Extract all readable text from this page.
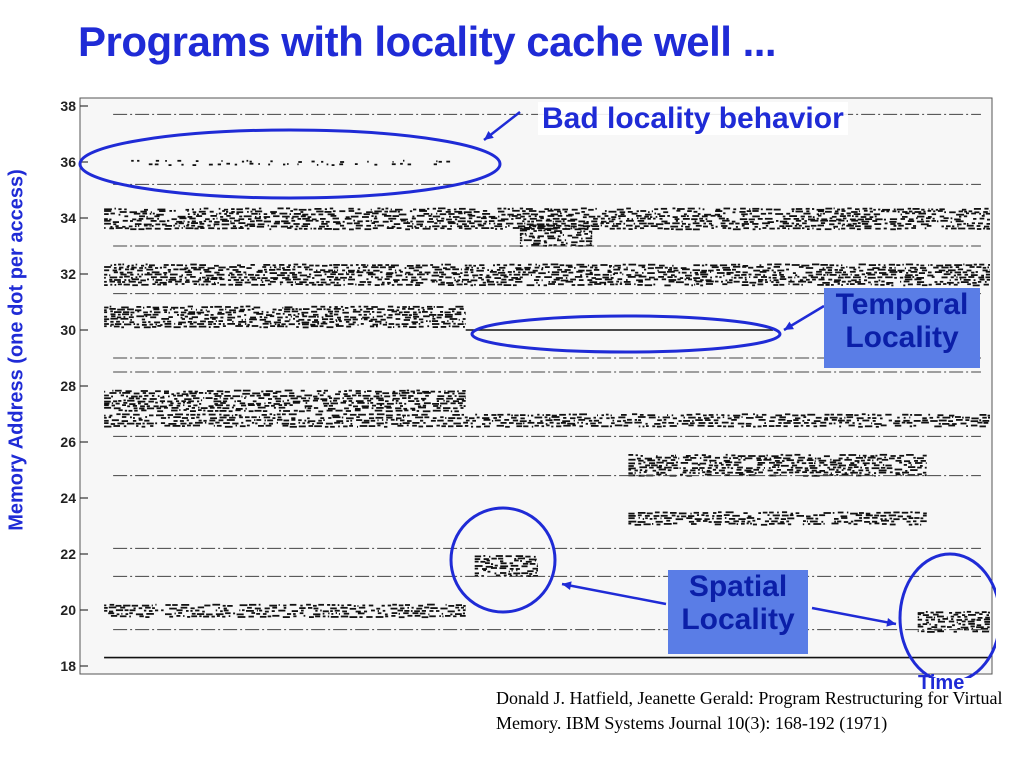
Programs with locality cache well ...
Memory Address (one dot per access)
18
20
22
24
26
28
30
32
34
36
38	Bad locality behavior
Temporal Locality
Spatial Locality
Time
Donald J. Hatfield, Jeanette Gerald: Program Restructuring for Virtual Memory. IBM Systems Journal 10(3): 168-192 (1971)
